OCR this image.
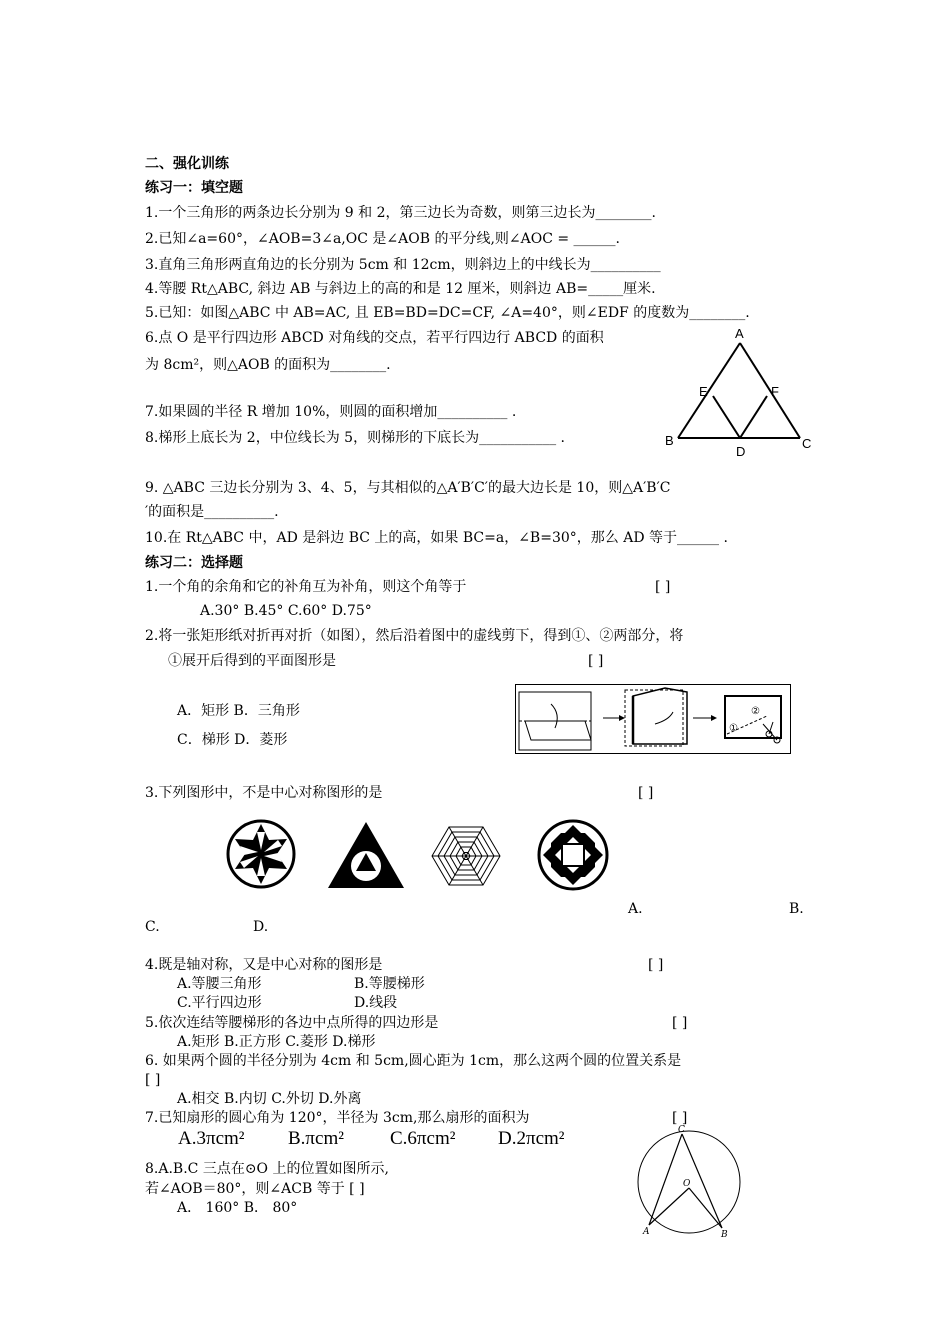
二、强化训练
练习一：填空题
1.一个三角形的两条边长分别为 9 和 2，第三边长为奇数，则第三边长为________.
2.已知∠a=60°，∠AOB=3∠a,OC 是∠AOB 的平分线,则∠AOC = ______.
3.直角三角形两直角边的长分别为 5cm 和 12cm，则斜边上的中线长为__________
4.等腰 Rt△ABC, 斜边 AB 与斜边上的高的和是 12 厘米，则斜边 AB=_____厘米.
5.已知：如图△ABC 中 AB=AC, 且 EB=BD=DC=CF, ∠A=40°，则∠EDF 的度数为________.
6.点 O 是平行四边形 ABCD 对角线的交点，若平行四边行 ABCD 的面积
为 8cm²，则△AOB 的面积为________.
7.如果圆的半径 R 增加 10%，则圆的面积增加__________ .
8.梯形上底长为 2，中位线长为 5，则梯形的下底长为___________ .
9. △ABC 三边长分别为 3、4、5，与其相似的△A′B′C′的最大边长是 10，则△A′B′C
′的面积是__________.
10.在 Rt△ABC 中，AD 是斜边 BC 上的高，如果 BC=a，∠B=30°，那么 AD 等于______ .
A
B	C
D
E	F
练习二：选择题
1.一个角的余角和它的补角互为补角，则这个角等于	[ ]
A.30° B.45° C.60° D.75°
2.将一张矩形纸对折再对折（如图），然后沿着图中的虚线剪下，得到①、②两部分，将
①展开后得到的平面图形是	[ ]
A．矩形 B．三角形
C．梯形 D．菱形
②
①
3.下列图形中，不是中心对称图形的是	[ ]
A.	B.
C.	D.
4.既是轴对称，又是中心对称的图形是	[ ]
A.等腰三角形	B.等腰梯形
C.平行四边形	D.线段
5.依次连结等腰梯形的各边中点所得的四边形是	[ ]
A.矩形 B.正方形 C.菱形 D.梯形
6. 如果两个圆的半径分别为 4cm 和 5cm,圆心距为 1cm，那么这两个圆的位置关系是
[ ]
A.相交 B.内切 C.外切 D.外离
7.已知扇形的圆心角为 120°，半径为 3cm,那么扇形的面积为	[ ]
A.3πcm² B.πcm² C.6πcm² D.2πcm²
8.A.B.C 三点在⊙O 上的位置如图所示,
若∠AOB＝80°，则∠ACB 等于 [ ]
A． 160° B． 80°
C
O
A	B
